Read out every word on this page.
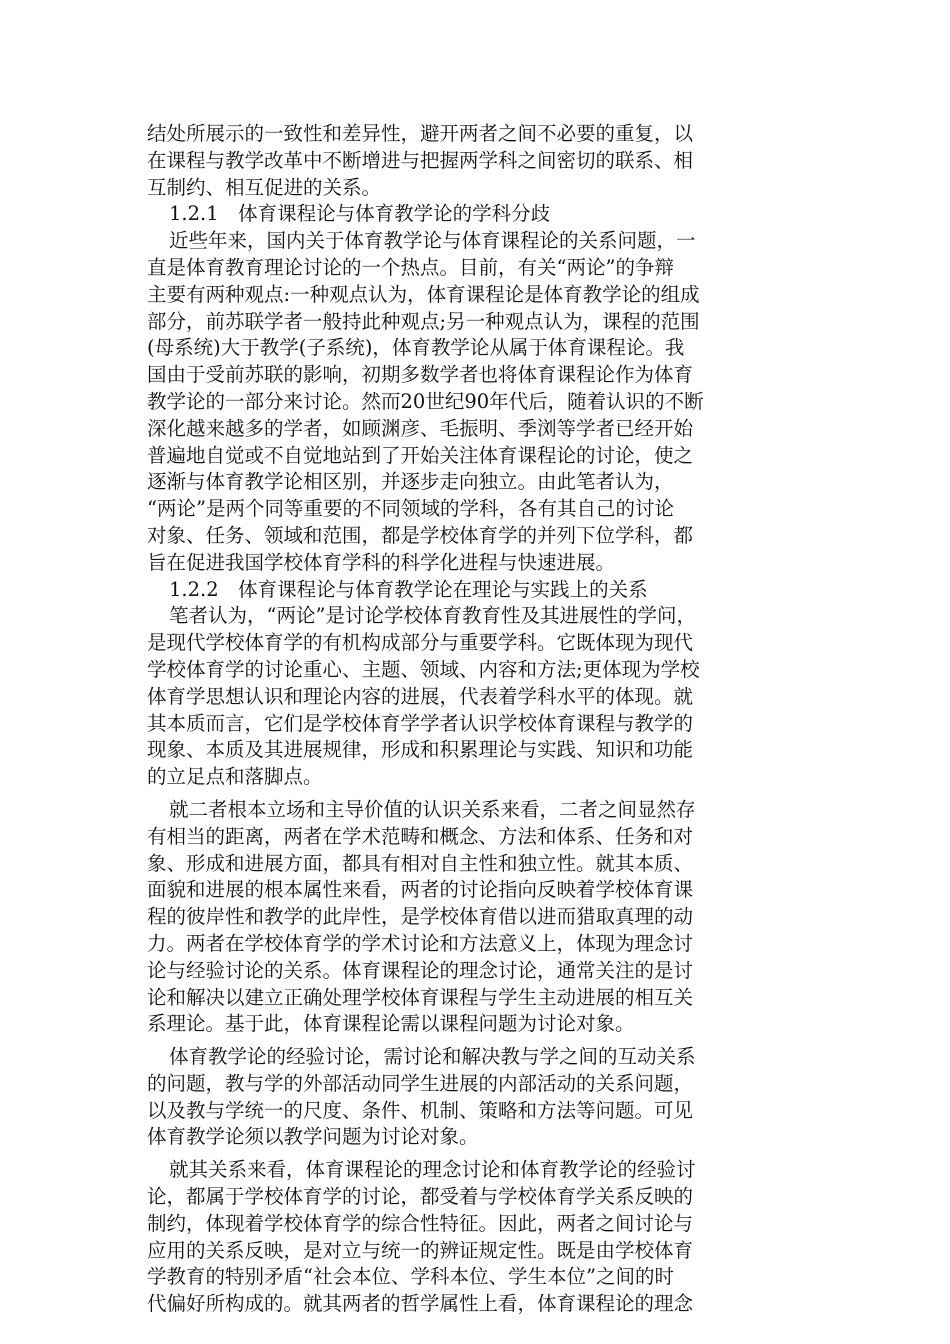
结处所展示的一致性和差异性，避开两者之间不必要的重复，以
在课程与教学改革中不断增进与把握两学科之间密切的联系、相
互制约、相互促进的关系。
1.2.1　体育课程论与体育教学论的学科分歧
近些年来，国内关于体育教学论与体育课程论的关系问题，一
直是体育教育理论讨论的一个热点。目前，有关“两论”的争辩
主要有两种观点:一种观点认为，体育课程论是体育教学论的组成
部分，前苏联学者一般持此种观点;另一种观点认为，课程的范围
(母系统)大于教学(子系统)，体育教学论从属于体育课程论。我
国由于受前苏联的影响，初期多数学者也将体育课程论作为体育
教学论的一部分来讨论。然而20世纪90年代后，随着认识的不断
深化越来越多的学者，如顾渊彦、毛振明、季浏等学者已经开始
普遍地自觉或不自觉地站到了开始关注体育课程论的讨论，使之
逐渐与体育教学论相区别，并逐步走向独立。由此笔者认为，
“两论”是两个同等重要的不同领域的学科，各有其自己的讨论
对象、任务、领域和范围，都是学校体育学的并列下位学科，都
旨在促进我国学校体育学科的科学化进程与快速进展。
1.2.2　体育课程论与体育教学论在理论与实践上的关系
笔者认为，“两论”是讨论学校体育教育性及其进展性的学问，
是现代学校体育学的有机构成部分与重要学科。它既体现为现代
学校体育学的讨论重心、主题、领域、内容和方法;更体现为学校
体育学思想认识和理论内容的进展，代表着学科水平的体现。就
其本质而言，它们是学校体育学学者认识学校体育课程与教学的
现象、本质及其进展规律，形成和积累理论与实践、知识和功能
的立足点和落脚点。
就二者根本立场和主导价值的认识关系来看，二者之间显然存
有相当的距离，两者在学术范畴和概念、方法和体系、任务和对
象、形成和进展方面，都具有相对自主性和独立性。就其本质、
面貌和进展的根本属性来看，两者的讨论指向反映着学校体育课
程的彼岸性和教学的此岸性，是学校体育借以进而猎取真理的动
力。两者在学校体育学的学术讨论和方法意义上，体现为理念讨
论与经验讨论的关系。体育课程论的理念讨论，通常关注的是讨
论和解决以建立正确处理学校体育课程与学生主动进展的相互关
系理论。基于此，体育课程论需以课程问题为讨论对象。
体育教学论的经验讨论，需讨论和解决教与学之间的互动关系
的问题，教与学的外部活动同学生进展的内部活动的关系问题，
以及教与学统一的尺度、条件、机制、策略和方法等问题。可见
体育教学论须以教学问题为讨论对象。
就其关系来看，体育课程论的理念讨论和体育教学论的经验讨
论，都属于学校体育学的讨论，都受着与学校体育学关系反映的
制约，体现着学校体育学的综合性特征。因此，两者之间讨论与
应用的关系反映，是对立与统一的辨证规定性。既是由学校体育
学教育的特别矛盾“社会本位、学科本位、学生本位”之间的时
代偏好所构成的。就其两者的哲学属性上看，体育课程论的理念
